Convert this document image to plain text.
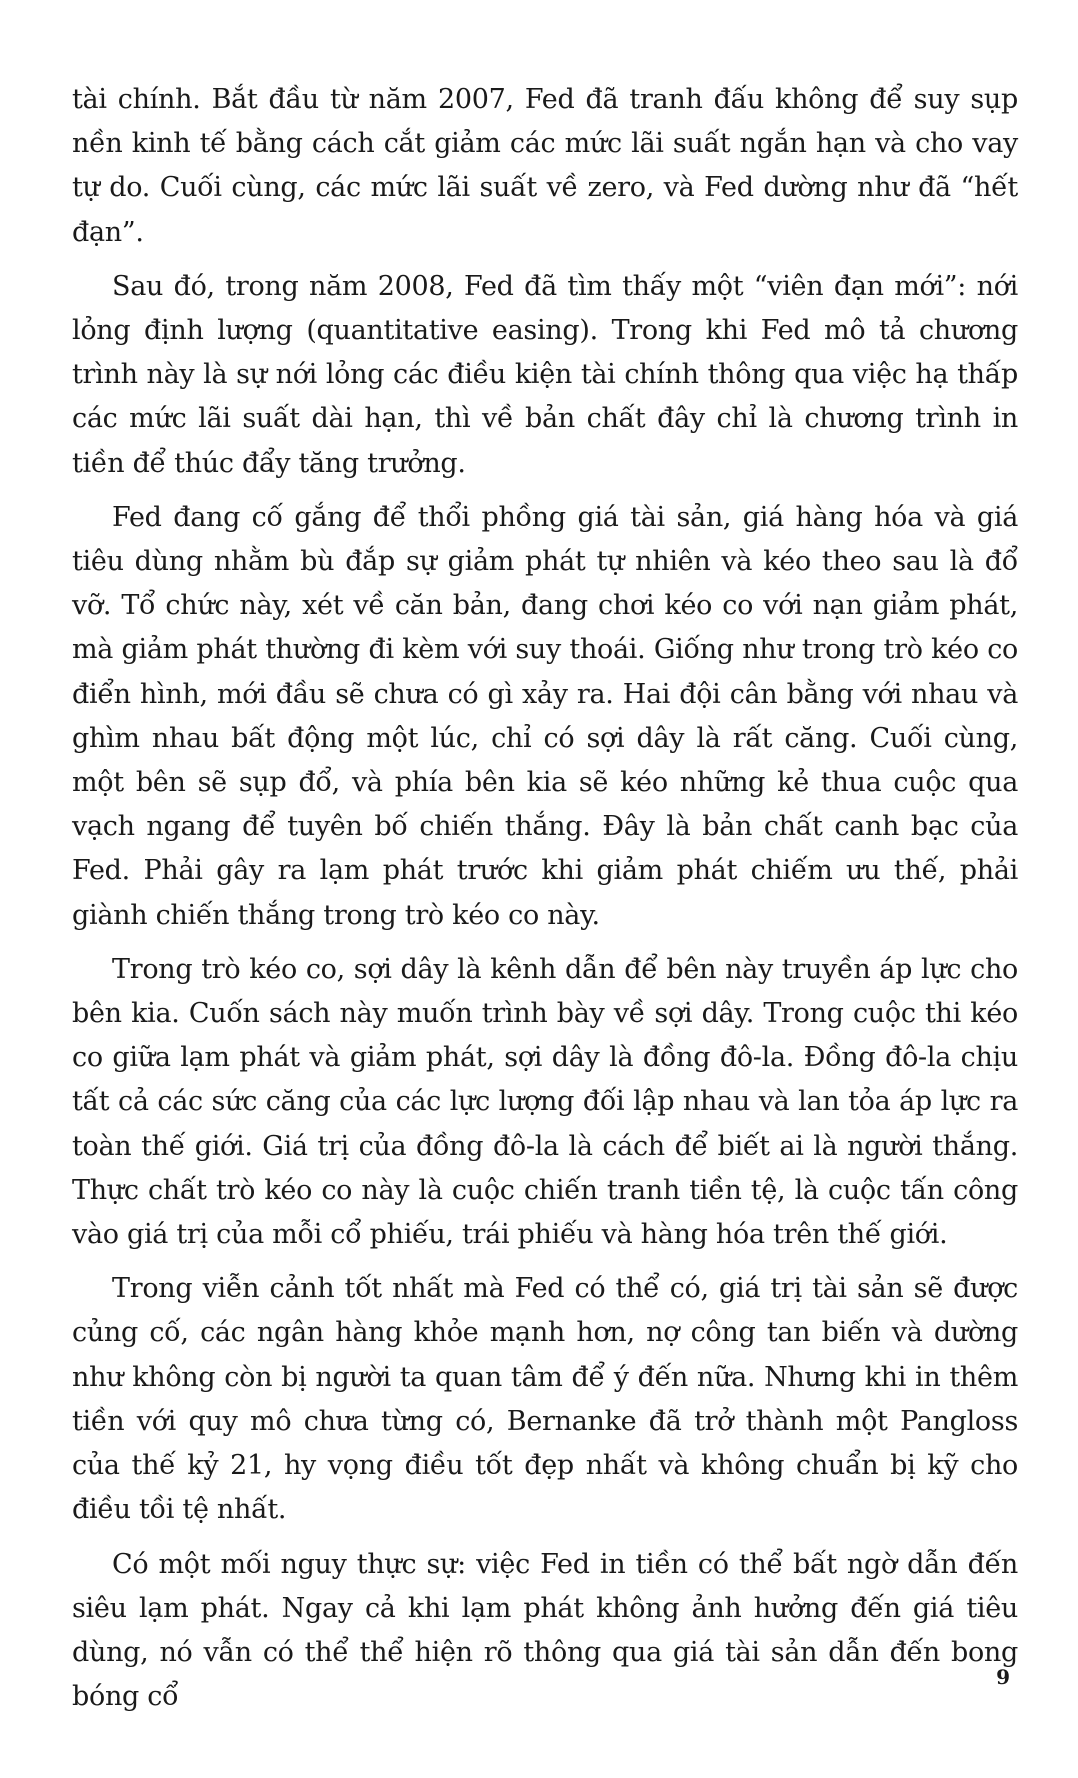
tài chính. Bắt đầu từ năm 2007, Fed đã tranh đấu không để suy sụp nền kinh tế bằng cách cắt giảm các mức lãi suất ngắn hạn và cho vay tự do. Cuối cùng, các mức lãi suất về zero, và Fed dường như đã “hết đạn”.

Sau đó, trong năm 2008, Fed đã tìm thấy một “viên đạn mới”: nới lỏng định lượng (quantitative easing). Trong khi Fed mô tả chương trình này là sự nới lỏng các điều kiện tài chính thông qua việc hạ thấp các mức lãi suất dài hạn, thì về bản chất đây chỉ là chương trình in tiền để thúc đẩy tăng trưởng.

Fed đang cố gắng để thổi phồng giá tài sản, giá hàng hóa và giá tiêu dùng nhằm bù đắp sự giảm phát tự nhiên và kéo theo sau là đổ vỡ. Tổ chức này, xét về căn bản, đang chơi kéo co với nạn giảm phát, mà giảm phát thường đi kèm với suy thoái. Giống như trong trò kéo co điển hình, mới đầu sẽ chưa có gì xảy ra. Hai đội cân bằng với nhau và ghìm nhau bất động một lúc, chỉ có sợi dây là rất căng. Cuối cùng, một bên sẽ sụp đổ, và phía bên kia sẽ kéo những kẻ thua cuộc qua vạch ngang để tuyên bố chiến thắng. Đây là bản chất canh bạc của Fed. Phải gây ra lạm phát trước khi giảm phát chiếm ưu thế, phải giành chiến thắng trong trò kéo co này.

Trong trò kéo co, sợi dây là kênh dẫn để bên này truyền áp lực cho bên kia. Cuốn sách này muốn trình bày về sợi dây. Trong cuộc thi kéo co giữa lạm phát và giảm phát, sợi dây là đồng đô-la. Đồng đô-la chịu tất cả các sức căng của các lực lượng đối lập nhau và lan tỏa áp lực ra toàn thế giới. Giá trị của đồng đô-la là cách để biết ai là người thắng. Thực chất trò kéo co này là cuộc chiến tranh tiền tệ, là cuộc tấn công vào giá trị của mỗi cổ phiếu, trái phiếu và hàng hóa trên thế giới.

Trong viễn cảnh tốt nhất mà Fed có thể có, giá trị tài sản sẽ được củng cố, các ngân hàng khỏe mạnh hơn, nợ công tan biến và dường như không còn bị người ta quan tâm để ý đến nữa. Nhưng khi in thêm tiền với quy mô chưa từng có, Bernanke đã trở thành một Pangloss của thế kỷ 21, hy vọng điều tốt đẹp nhất và không chuẩn bị kỹ cho điều tồi tệ nhất.

Có một mối nguy thực sự: việc Fed in tiền có thể bất ngờ dẫn đến siêu lạm phát. Ngay cả khi lạm phát không ảnh hưởng đến giá tiêu dùng, nó vẫn có thể thể hiện rõ thông qua giá tài sản dẫn đến bong bóng cổ

9
